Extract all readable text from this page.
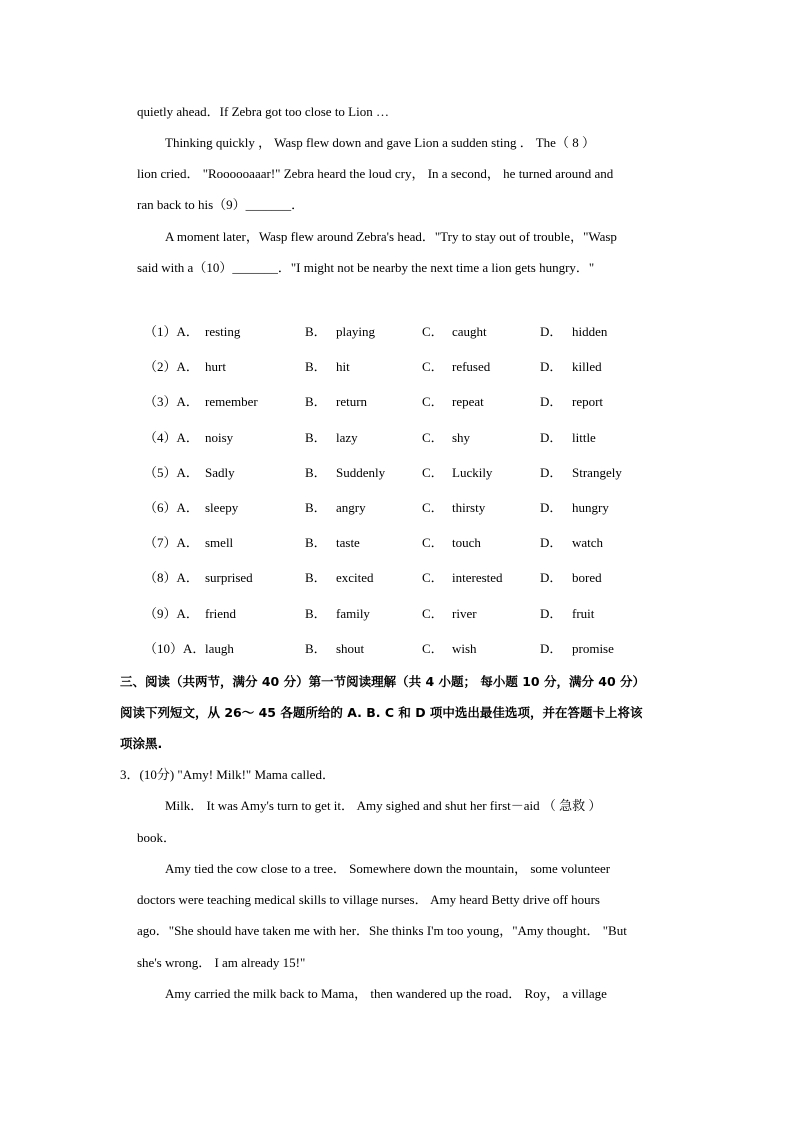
quietly ahead．If Zebra got too close to Lion …
Thinking quickly ， Wasp flew down and gave Lion a sudden sting ． The（ 8 ）
lion cried． "Roooooaaar!" Zebra heard the loud cry， In a second， he turned around and
ran back to his（9）_______．
A moment later，Wasp flew around Zebra's head．"Try to stay out of trouble，"Wasp
said with a（10）_______．"I might not be nearby the next time a lion gets hungry．"
（1）A． resting	B． playing	C． caught	D． hidden
（2）A． hurt	B． hit	C． refused	D． killed
（3）A． remember	B． return	C． repeat	D． report
（4）A． noisy	B． lazy	C． shy	D． little
（5）A． Sadly	B． Suddenly	C． Luckily	D． Strangely
（6）A． sleepy	B． angry	C． thirsty	D． hungry
（7）A． smell	B． taste	C． touch	D． watch
（8）A． surprised	B． excited	C． interested	D． bored
（9）A． friend	B． family	C． river	D． fruit
（10）A． laugh	B． shout	C． wish	D． promise
三、阅读（共两节，满分 40 分）第一节阅读理解（共 4 小题； 每小题 10 分，满分 40 分）
阅读下列短文，从 26～ 45 各题所给的 A. B. C 和 D 项中选出最佳选项，并在答题卡上将该
项涂黑.
3．(10分) "Amy! Milk!" Mama called．
Milk． It was Amy's turn to get it． Amy sighed and shut her first－aid （ 急救 ）
book．
Amy tied the cow close to a tree． Somewhere down the mountain， some volunteer
doctors were teaching medical skills to village nurses． Amy heard Betty drive off hours
ago．"She should have taken me with her．She thinks I'm too young，"Amy thought． "But
she's wrong． I am already 15!"
Amy carried the milk back to Mama， then wandered up the road． Roy， a village
